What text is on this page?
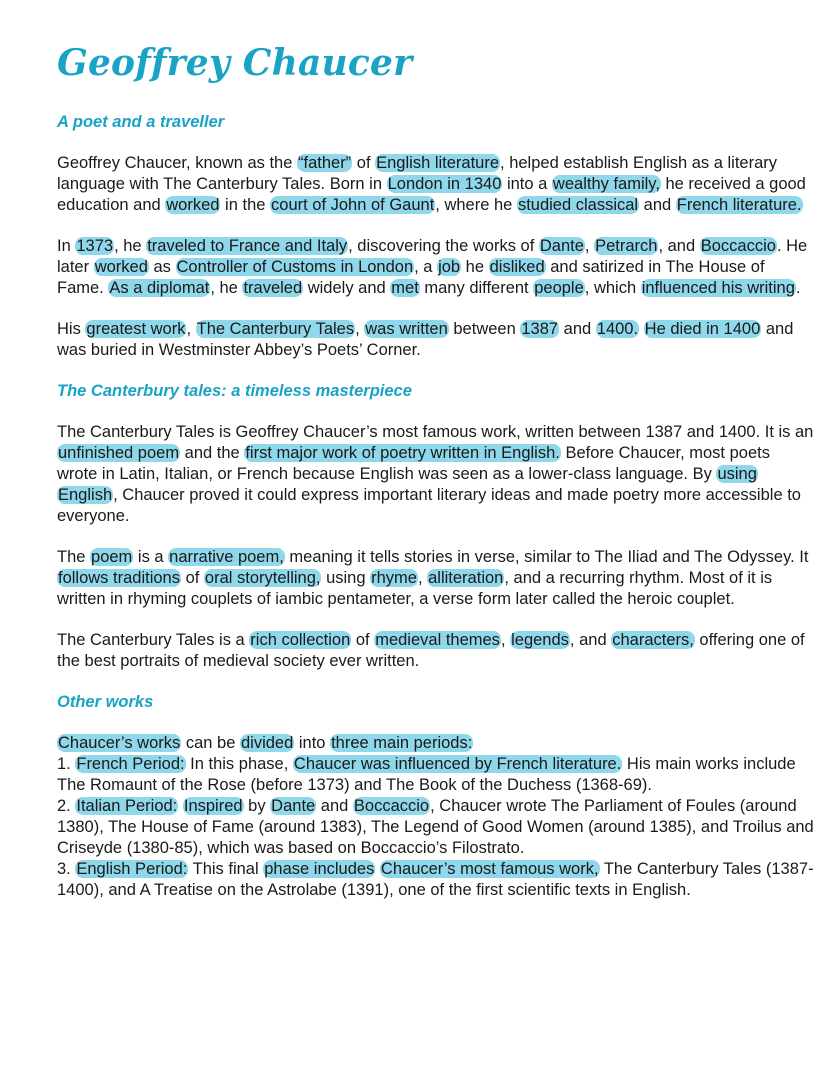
Geoffrey Chaucer
A poet and a traveller

Geoffrey Chaucer, known as the “father” of English literature, helped establish English as a literary language with The Canterbury Tales. Born in London in 1340 into a wealthy family, he received a good education and worked in the court of John of Gaunt, where he studied classical and French literature.

In 1373, he traveled to France and Italy, discovering the works of Dante, Petrarch, and Boccaccio. He later worked as Controller of Customs in London, a job he disliked and satirized in The House of Fame. As a diplomat, he traveled widely and met many different people, which influenced his writing.

His greatest work, The Canterbury Tales, was written between 1387 and 1400. He died in 1400 and was buried in Westminster Abbey’s Poets’ Corner.

The Canterbury tales: a timeless masterpiece

The Canterbury Tales is Geoffrey Chaucer’s most famous work, written between 1387 and 1400. It is an unfinished poem and the first major work of poetry written in English. Before Chaucer, most poets wrote in Latin, Italian, or French because English was seen as a lower-class language. By using English, Chaucer proved it could express important literary ideas and made poetry more accessible to everyone.

The poem is a narrative poem, meaning it tells stories in verse, similar to The Iliad and The Odyssey. It follows traditions of oral storytelling, using rhyme, alliteration, and a recurring rhythm. Most of it is written in rhyming couplets of iambic pentameter, a verse form later called the heroic couplet.

The Canterbury Tales is a rich collection of medieval themes, legends, and characters, offering one of the best portraits of medieval society ever written.

Other works

Chaucer’s works can be divided into three main periods:
1. French Period: In this phase, Chaucer was influenced by French literature. His main works include The Romaunt of the Rose (before 1373) and The Book of the Duchess (1368-69).
2. Italian Period: Inspired by Dante and Boccaccio, Chaucer wrote The Parliament of Foules (around 1380), The House of Fame (around 1383), The Legend of Good Women (around 1385), and Troilus and Criseyde (1380-85), which was based on Boccaccio’s Filostrato.
3. English Period: This final phase includes Chaucer’s most famous work, The Canterbury Tales (1387-1400), and A Treatise on the Astrolabe (1391), one of the first scientific texts in English.
